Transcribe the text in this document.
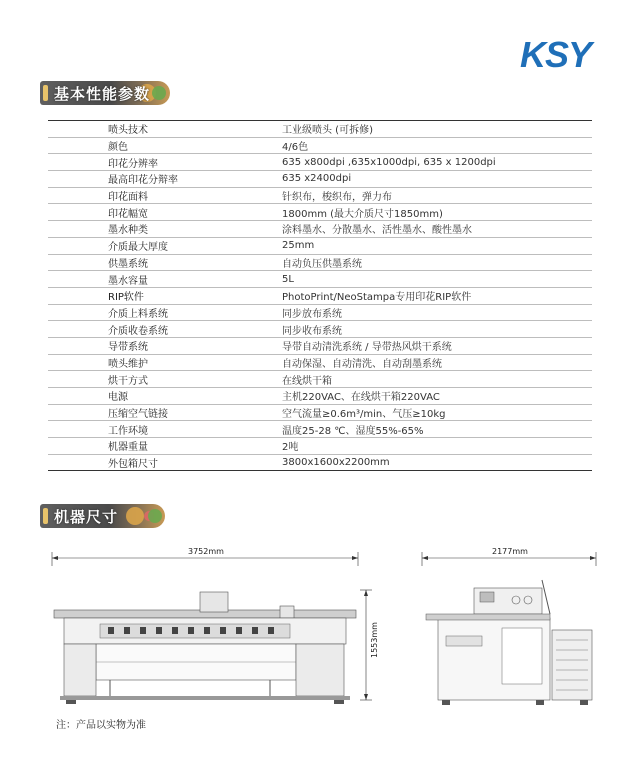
KSY
基本性能参数
喷头技术	工业级喷头 (可拆修)
颜色	4/6色
印花分辨率	635 x800dpi ,635x1000dpi, 635 x 1200dpi
最高印花分辩率	635 x2400dpi
印花面料	针织布，梭织布，弹力布
印花幅宽	1800mm (最大介质尺寸1850mm)
墨水种类	涂料墨水、分散墨水、活性墨水、酸性墨水
介质最大厚度	25mm
供墨系统	自动负压供墨系统
墨水容量	5L
RIP软件	PhotoPrint/NeoStampa专用印花RIP软件
介质上料系统	同步放布系统
介质收卷系统	同步收布系统
导带系统	导带自动清洗系统 / 导带热风烘干系统
喷头维护	自动保湿、自动清洗、自动刮墨系统
烘干方式	在线烘干箱
电源	主机220VAC、在线烘干箱220VAC
压缩空气链接	空气流量≥0.6m³/min、气压≥10kg
工作环境	温度25-28 ℃、湿度55%-65%
机器重量	2吨
外包箱尺寸	3800x1600x2200mm
机器尺寸
3752mm
1553mm
2177mm
注：产品以实物为准
